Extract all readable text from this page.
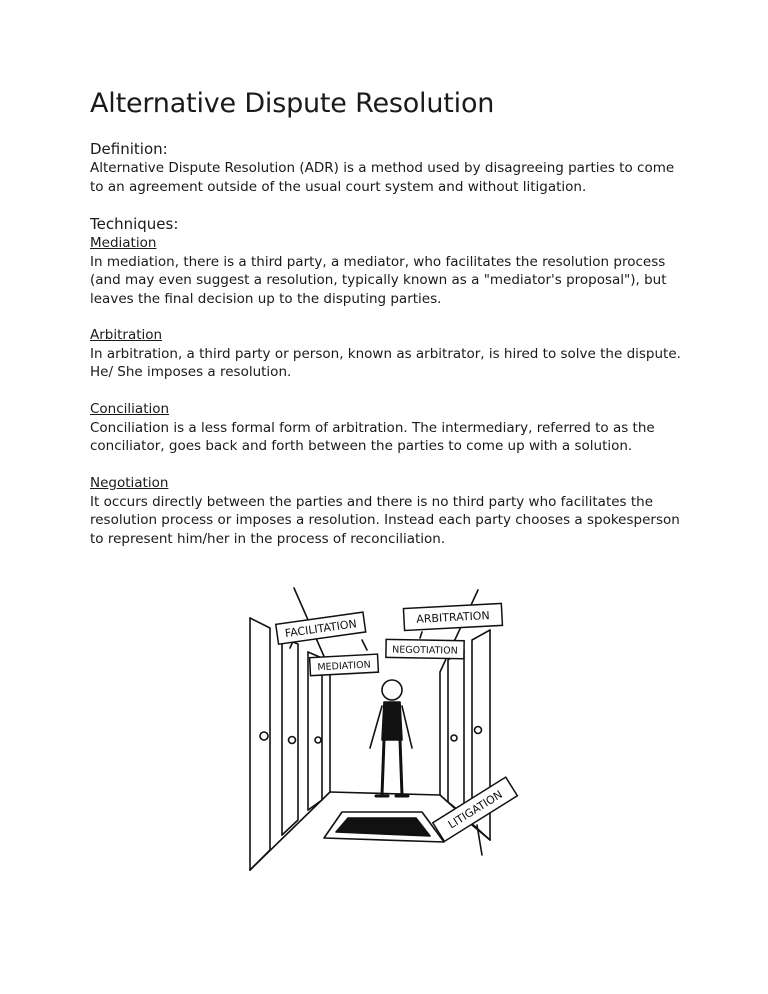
Alternative Dispute Resolution
Definition:
Alternative Dispute Resolution (ADR) is a method used by disagreeing parties to come to an agreement outside of the usual court system and without litigation.
Techniques:
Mediation
In mediation, there is a third party, a mediator, who facilitates the resolution process (and may even suggest a resolution, typically known as a "mediator's proposal"), but leaves the final decision up to the disputing parties.
Arbitration
In arbitration, a third party or person, known as arbitrator, is hired to solve the dispute. He/ She imposes a resolution.
Conciliation
Conciliation is a less formal form of arbitration. The intermediary, referred to as the conciliator, goes back and forth between the parties to come up with a solution.
Negotiation
It occurs directly between the parties and there is no third party who facilitates the resolution process or imposes a resolution. Instead each party chooses a spokesperson to represent him/her in the process of reconciliation.
FACILITATION
MEDIATION
NEGOTIATION
ARBITRATION
LITIGATION
